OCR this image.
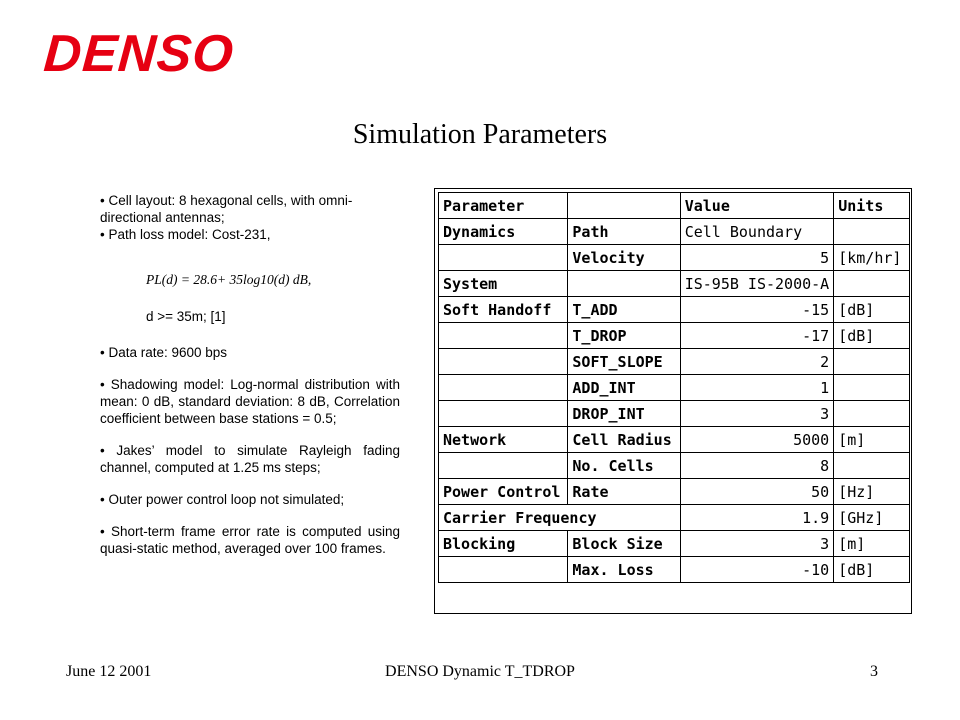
DENSO
Simulation Parameters

• Cell layout: 8 hexagonal cells, with omni-directional antennas;

• Path loss model: Cost-231,

PL(d) = 28.6+ 35log10(d) dB,

d >= 35m; [1]

• Data rate: 9600 bps

• Shadowing model: Log-normal distribution with mean: 0 dB, standard deviation: 8 dB, Correlation coefficient between base stations = 0.5;

• Jakes’ model to simulate Rayleigh fading channel, computed at 1.25 ms steps;

• Outer power control loop not simulated;

• Short-term frame error rate is computed using quasi-static method, averaged over 100 frames.

Parameter		Value	Units
Dynamics	Path	Cell Boundary	
	Velocity	5	[km/hr]
System		IS-95B IS-2000-A	
Soft Handoff	T_ADD	-15	[dB]
	T_DROP	-17	[dB]
	SOFT_SLOPE	2	
	ADD_INT	1	
	DROP_INT	3	
Network	Cell Radius	5000	[m]
	No. Cells	8	
Power Control	Rate	50	[Hz]
Carrier Frequency		1.9	[GHz]
Blocking	Block Size	3	[m]
	Max. Loss	-10	[dB]
June 12 2001	DENSO Dynamic T_TDROP	3
